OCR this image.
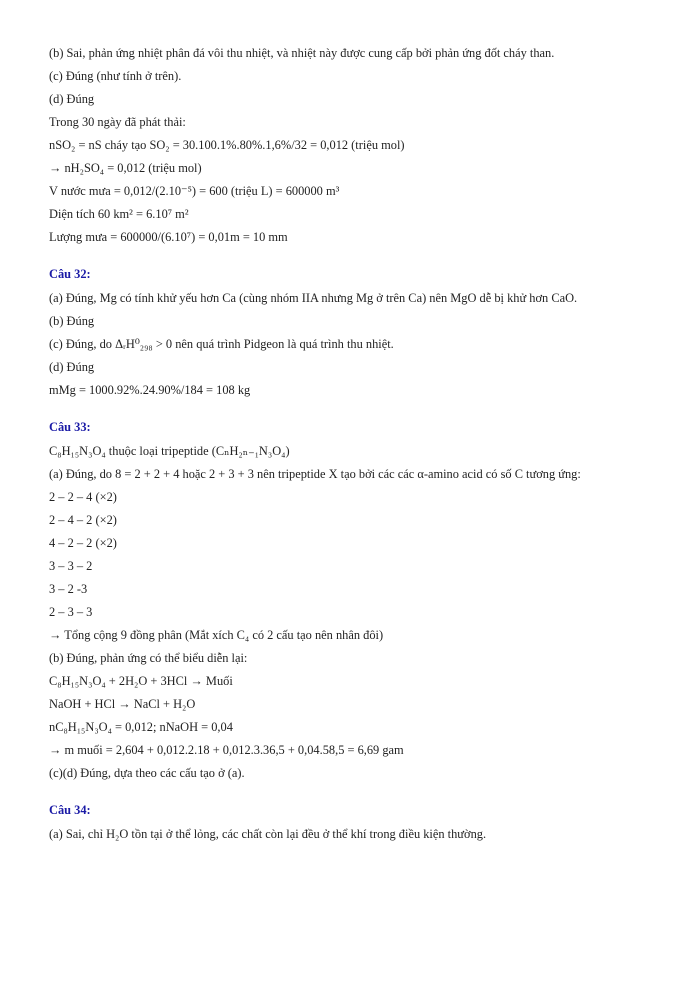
(b) Sai, phản ứng nhiệt phân đá vôi thu nhiệt, và nhiệt này được cung cấp bởi phản ứng đốt cháy than.

(c) Đúng (như tính ở trên).

(d) Đúng

Trong 30 ngày đã phát thải:

nSO₂ = nS cháy tạo SO₂ = 30.100.1%.80%.1,6%/32 = 0,012 (triệu mol)

→ nH₂SO₄ = 0,012 (triệu mol)

V nước mưa = 0,012/(2.10⁻⁵) = 600 (triệu L) = 600000 m³

Diện tích 60 km² = 6.10⁷ m²

Lượng mưa = 600000/(6.10⁷) = 0,01m = 10 mm

Câu 32:

(a) Đúng, Mg có tính khử yếu hơn Ca (cùng nhóm IIA nhưng Mg ở trên Ca) nên MgO dễ bị khử hơn CaO.

(b) Đúng

(c) Đúng, do ΔᵣH⁰₂₉₈ > 0 nên quá trình Pidgeon là quá trình thu nhiệt.

(d) Đúng

mMg = 1000.92%.24.90%/184 = 108 kg

Câu 33:

C₈H₁₅N₃O₄ thuộc loại tripeptide (CₙH₂ₙ₋₁N₃O₄)

(a) Đúng, do 8 = 2 + 2 + 4 hoặc 2 + 3 + 3 nên tripeptide X tạo bởi các các α-amino acid có số C tương ứng:

2 – 2 – 4 (×2)

2 – 4 – 2 (×2)

4 – 2 – 2 (×2)

3 – 3 – 2

3 – 2 -3

2 – 3 – 3

→ Tổng cộng 9 đồng phân (Mắt xích C₄ có 2 cấu tạo nên nhân đôi)

(b) Đúng, phản ứng có thể biểu diễn lại:

C₈H₁₅N₃O₄ + 2H₂O + 3HCl → Muối

NaOH + HCl → NaCl + H₂O

nC₈H₁₅N₃O₄ = 0,012; nNaOH = 0,04

→ m muối = 2,604 + 0,012.2.18 + 0,012.3.36,5 + 0,04.58,5 = 6,69 gam

(c)(d) Đúng, dựa theo các cấu tạo ở (a).

Câu 34:

(a) Sai, chỉ H₂O tồn tại ở thể lỏng, các chất còn lại đều ở thể khí trong điều kiện thường.
